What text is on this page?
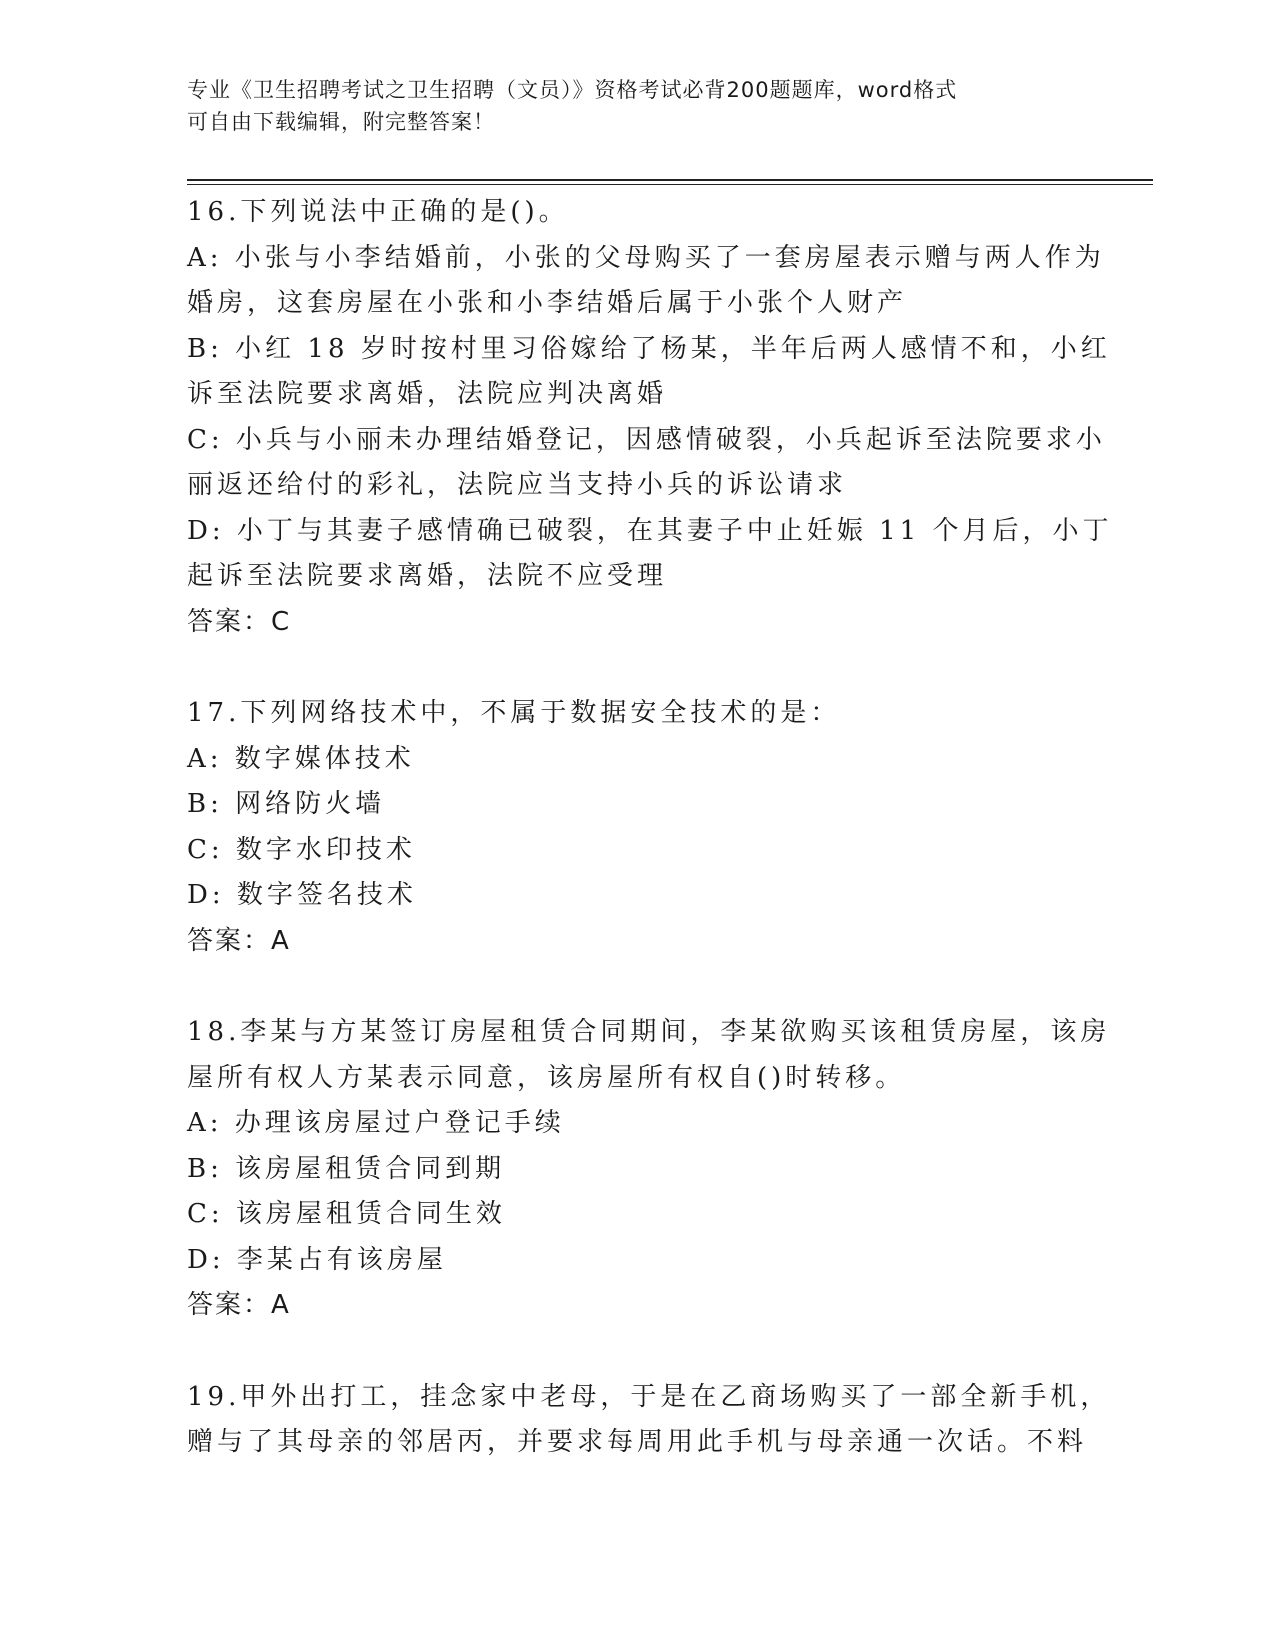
专业《卫生招聘考试之卫生招聘（文员）》资格考试必背200题题库，word格式
可自由下载编辑，附完整答案！
16.下列说法中正确的是()。
A: 小张与小李结婚前，小张的父母购买了一套房屋表示赠与两人作为
婚房，这套房屋在小张和小李结婚后属于小张个人财产
B: 小红 18 岁时按村里习俗嫁给了杨某，半年后两人感情不和，小红
诉至法院要求离婚，法院应判决离婚
C: 小兵与小丽未办理结婚登记，因感情破裂，小兵起诉至法院要求小
丽返还给付的彩礼，法院应当支持小兵的诉讼请求
D: 小丁与其妻子感情确已破裂，在其妻子中止妊娠 11 个月后，小丁
起诉至法院要求离婚，法院不应受理
答案：C
17.下列网络技术中，不属于数据安全技术的是：
A: 数字媒体技术
B: 网络防火墙
C: 数字水印技术
D: 数字签名技术
答案：A
18.李某与方某签订房屋租赁合同期间，李某欲购买该租赁房屋，该房
屋所有权人方某表示同意，该房屋所有权自()时转移。
A: 办理该房屋过户登记手续
B: 该房屋租赁合同到期
C: 该房屋租赁合同生效
D: 李某占有该房屋
答案：A
19.甲外出打工，挂念家中老母，于是在乙商场购买了一部全新手机，
赠与了其母亲的邻居丙，并要求每周用此手机与母亲通一次话。不料
